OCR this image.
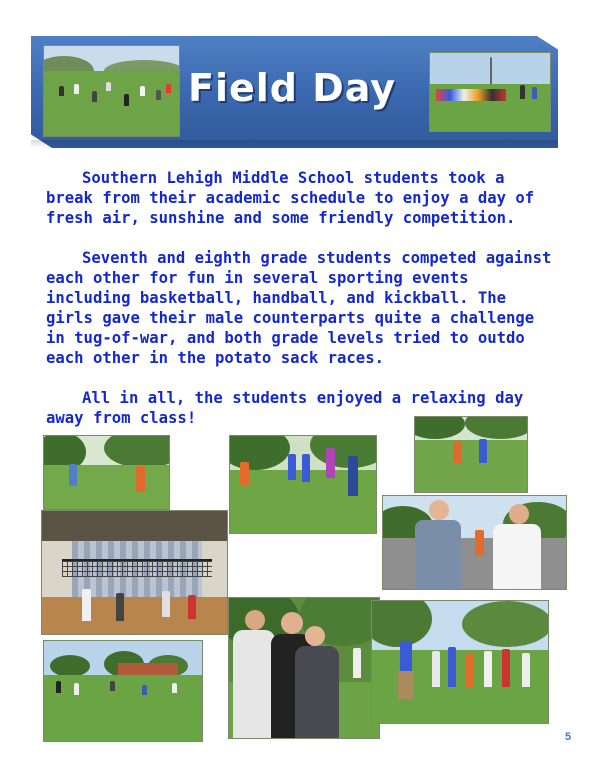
Field Day

Southern Lehigh Middle School students took a break from their academic schedule to enjoy a day of fresh air, sunshine and some friendly competition.

Seventh and eighth grade students competed against each other for fun in several sporting events including basketball, handball, and kickball. The girls gave their male counterparts quite a challenge in tug-of-war, and both grade levels tried to outdo each other in the potato sack races.

All in all, the students enjoyed a relaxing day away from class!

5
